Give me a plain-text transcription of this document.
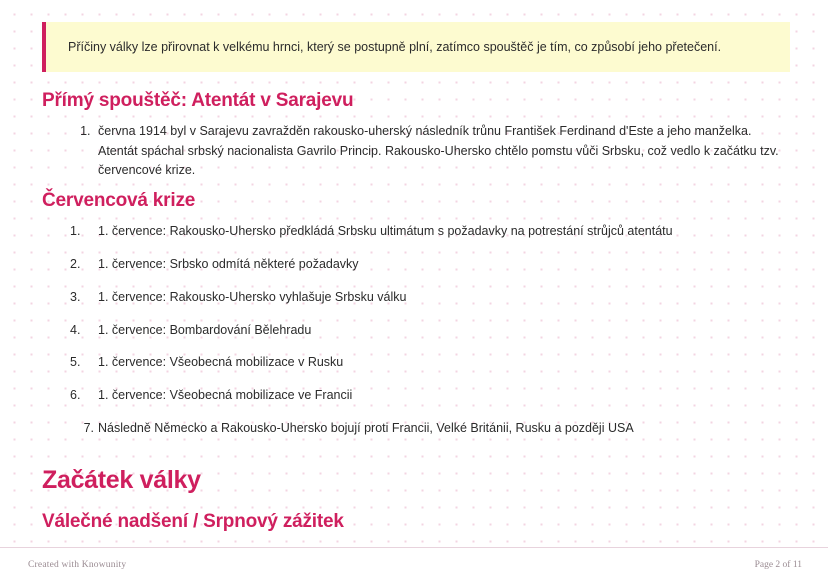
Příčiny války lze přirovnat k velkému hrnci, který se postupně plní, zatímco spouštěč je tím, co způsobí jeho přetečení.
Přímý spouštěč: Atentát v Sarajevu
1. června 1914 byl v Sarajevu zavražděn rakousko-uherský následník trůnu František Ferdinand d'Este a jeho manželka. Atentát spáchal srbský nacionalista Gavrilo Princip. Rakousko-Uhersko chtělo pomstu vůči Srbsku, což vedlo k začátku tzv. červencové krize.
Červencová krize
1.	1. července: Rakousko-Uhersko předkládá Srbsku ultimátum s požadavky na potrestání strůjců atentátu
2.	1. července: Srbsko odmítá některé požadavky
3.	1. července: Rakousko-Uhersko vyhlašuje Srbsku válku
4.	1. července: Bombardování Bělehradu
5.	1. července: Všeobecná mobilizace v Rusku
6.	1. července: Všeobecná mobilizace ve Francii
7. Následně Německo a Rakousko-Uhersko bojují proti Francii, Velké Británii, Rusku a později USA
Začátek války
Válečné nadšení / Srpnový zážitek
Created with Knowunity	Page 2 of 11
